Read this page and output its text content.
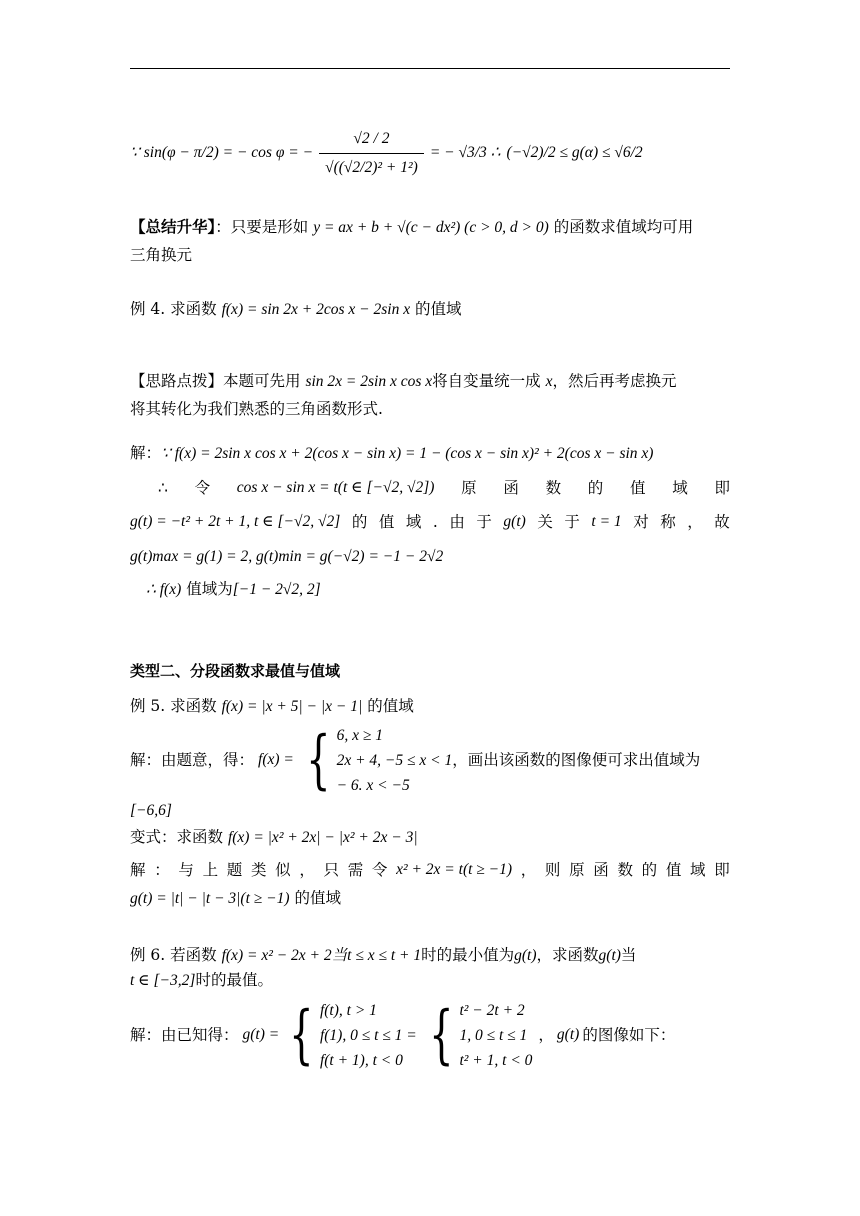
∵ sin(φ − π/2) = − cos φ = −
√2 / 2
√((√2/2)² + 1²)
= − √3/3 ∴ (−√2)/2 ≤ g(α) ≤ √6/2
【总结升华】：只要是形如 y = ax + b + √(c − dx²) (c > 0, d > 0) 的函数求值域均可用
三角换元
例 4. 求函数 f(x) = sin 2x + 2cos x − 2sin x 的值域
【思路点拨】本题可先用 sin 2x = 2sin x cos x将自变量统一成 x，然后再考虑换元
将其转化为我们熟悉的三角函数形式.
解：∵ f(x) = 2sin x cos x + 2(cos x − sin x) = 1 − (cos x − sin x)² + 2(cos x − sin x)
∴ 令 cos x − sin x = t(t ∈ [−√2, √2]) 原 函 数 的 值 域 即
g(t) = −t² + 2t + 1, t ∈ [−√2, √2] 的 值 域 . 由 于 g(t) 关 于 t = 1 对 称 ， 故
g(t)max = g(1) = 2, g(t)min = g(−√2) = −1 − 2√2
∴ f(x) 值域为[−1 − 2√2, 2]
类型二、分段函数求最值与值域
例 5. 求函数 f(x) = |x + 5| − |x − 1| 的值域
解：由题意，得： f(x) = { 6, x ≥ 1
2x + 4, −5 ≤ x < 1
− 6. x < −5
，画出该函数的图像便可求出值域为
[−6,6]
变式：求函数 f(x) = |x² + 2x| − |x² + 2x − 3|
解 ： 与 上 题 类 似 ， 只 需 令 x² + 2x = t(t ≥ −1) ， 则 原 函 数 的 值 域 即
g(t) = |t| − |t − 3|(t ≥ −1) 的值域
例 6. 若函数 f(x) = x² − 2x + 2当t ≤ x ≤ t + 1时的最小值为g(t)，求函数g(t)当
t ∈ [−3,2]时的最值。
解：由已知得： g(t) = { f(t), t > 1
f(1), 0 ≤ t ≤ 1 =
f(t + 1), t < 0 { t² − 2t + 2
1, 0 ≤ t ≤ 1
t² + 1, t < 0
， g(t) 的图像如下：
